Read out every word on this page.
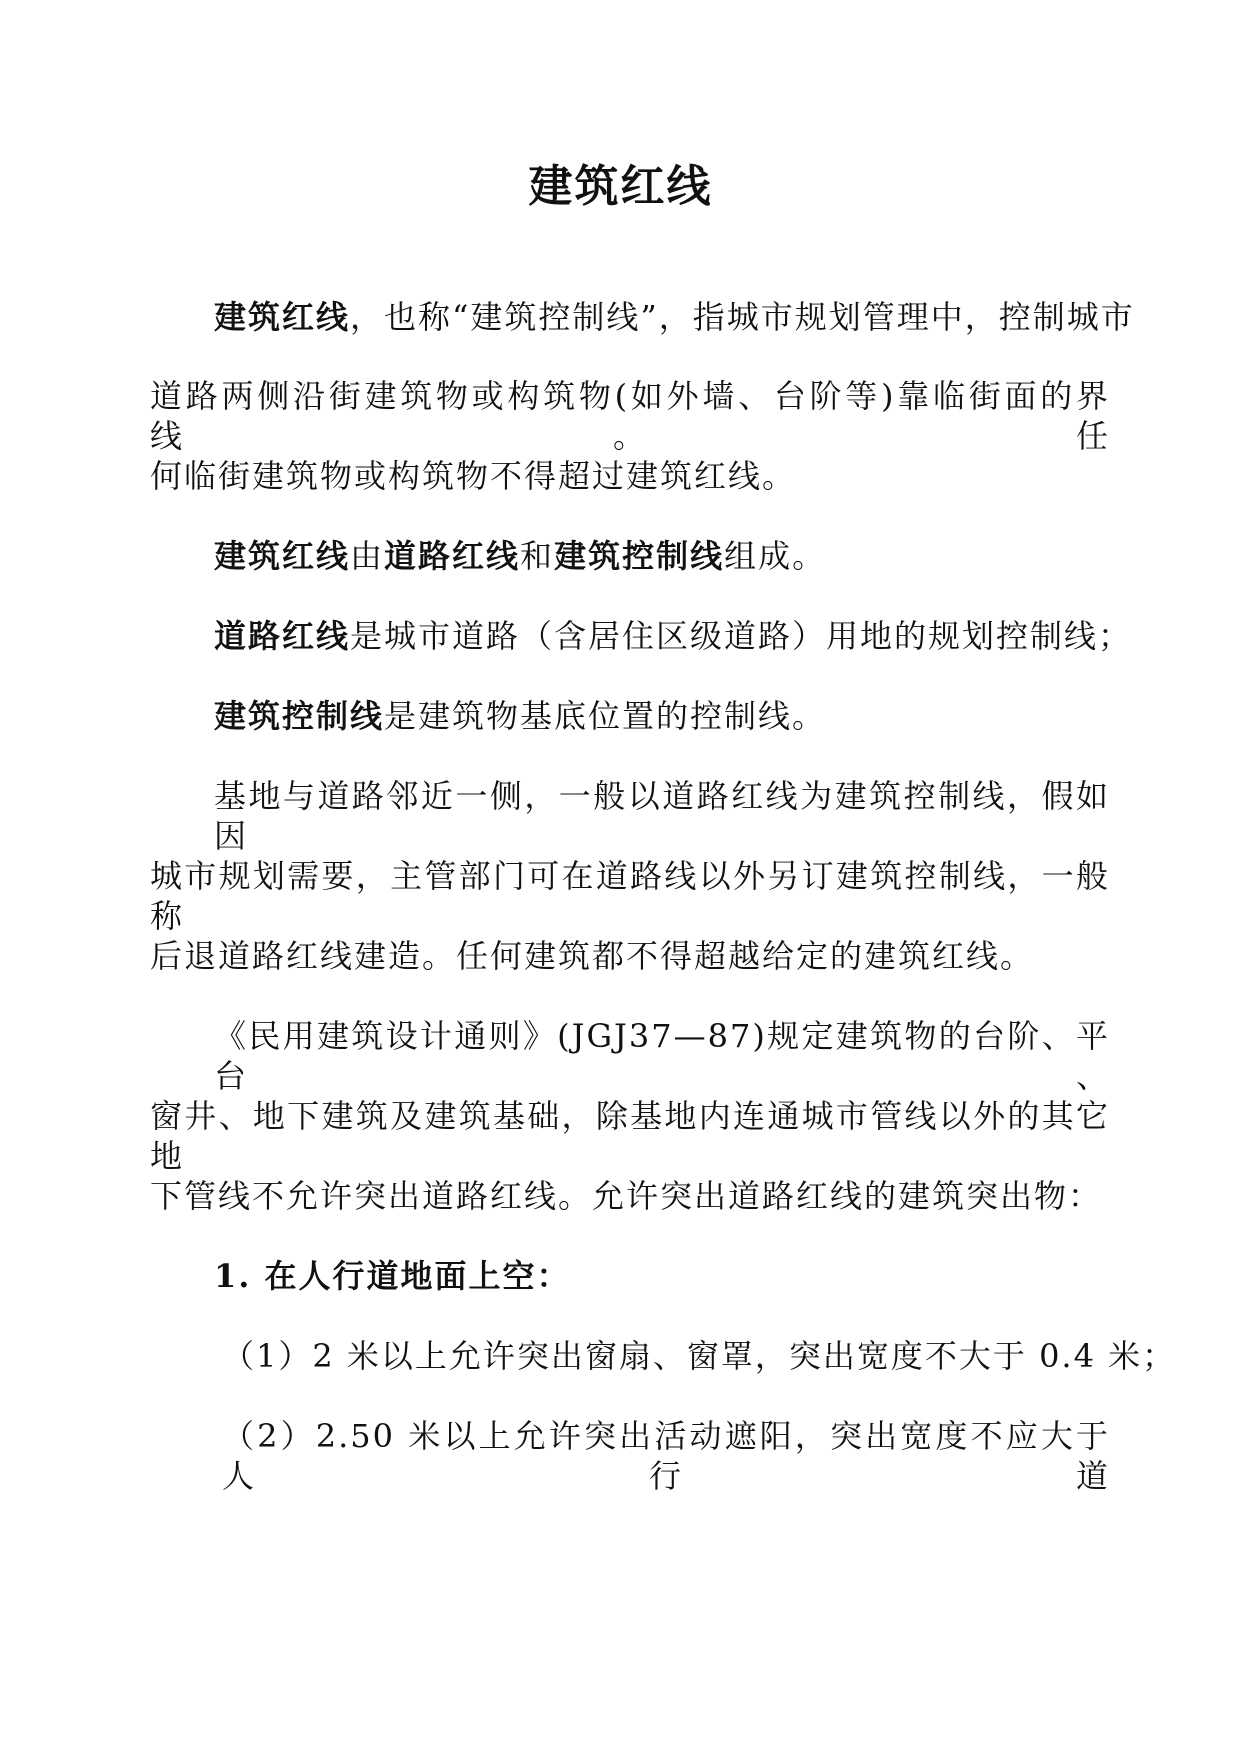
建筑红线
建筑红线，也称“建筑控制线”，指城市规划管理中，控制城市
道路两侧沿街建筑物或构筑物(如外墙、台阶等)靠临街面的界线。任
何临街建筑物或构筑物不得超过建筑红线。
建筑红线由道路红线和建筑控制线组成。
道路红线是城市道路（含居住区级道路）用地的规划控制线；
建筑控制线是建筑物基底位置的控制线。
基地与道路邻近一侧，一般以道路红线为建筑控制线，假如因
城市规划需要，主管部门可在道路线以外另订建筑控制线，一般称
后退道路红线建造。任何建筑都不得超越给定的建筑红线。
《民用建筑设计通则》(JGJ37—87)规定建筑物的台阶、平台、
窗井、地下建筑及建筑基础，除基地内连通城市管线以外的其它地
下管线不允许突出道路红线。允许突出道路红线的建筑突出物：
1. 在人行道地面上空：
（1）2 米以上允许突出窗扇、窗罩，突出宽度不大于 0.4 米；
（2）2.50 米以上允许突出活动遮阳，突出宽度不应大于人行道
